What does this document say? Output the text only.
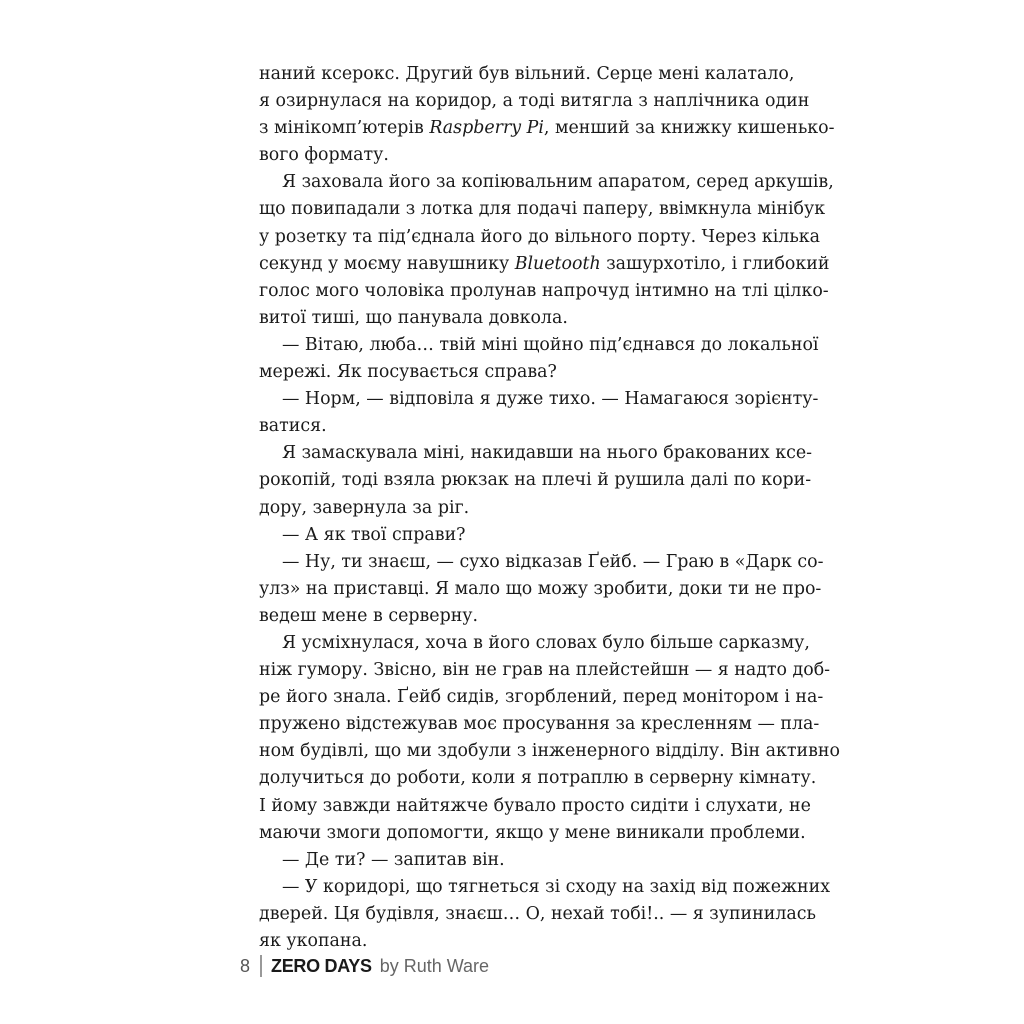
наний ксерокс. Другий був вільний. Серце мені калатало,
я озирнулася на коридор, а тоді витягла з наплічника один
з мінікомп’ютерів Raspberry Pi, менший за книжку кишенько-
вого формату.
Я заховала його за копіювальним апаратом, серед аркушів,
що повипадали з лотка для подачі паперу, ввімкнула мінібук
у розетку та під’єднала його до вільного порту. Через кілька
секунд у моєму навушнику Bluetooth зашурхотіло, і глибокий
голос мого чоловіка пролунав напрочуд інтимно на тлі цілко-
витої тиші, що панувала довкола.
— Вітаю, люба… твій міні щойно під’єднався до локальної
мережі. Як посувається справа?
— Норм, — відповіла я дуже тихо. — Намагаюся зорієнту-
ватися.
Я замаскувала міні, накидавши на нього бракованих ксе-
рокопій, тоді взяла рюкзак на плечі й рушила далі по кори-
дору, завернула за ріг.
— А як твої справи?
— Ну, ти знаєш, — сухо відказав Ґейб. — Граю в «Дарк со-
улз» на приставці. Я мало що можу зробити, доки ти не про-
ведеш мене в серверну.
Я усміхнулася, хоча в його словах було більше сарказму,
ніж гумору. Звісно, він не грав на плейстейшн — я надто доб-
ре його знала. Ґейб сидів, згорблений, перед монітором і на-
пружено відстежував моє просування за кресленням — пла-
ном будівлі, що ми здобули з інженерного відділу. Він активно
долучиться до роботи, коли я потраплю в серверну кімнату.
І йому завжди найтяжче бувало просто сидіти і слухати, не
маючи змоги допомогти, якщо у мене виникали проблеми.
— Де ти? — запитав він.
— У коридорі, що тягнеться зі сходу на захід від пожежних
дверей. Ця будівля, знаєш… О, нехай тобі!.. — я зупинилась
як укопана.
8 ZERO DAYS by Ruth Ware
